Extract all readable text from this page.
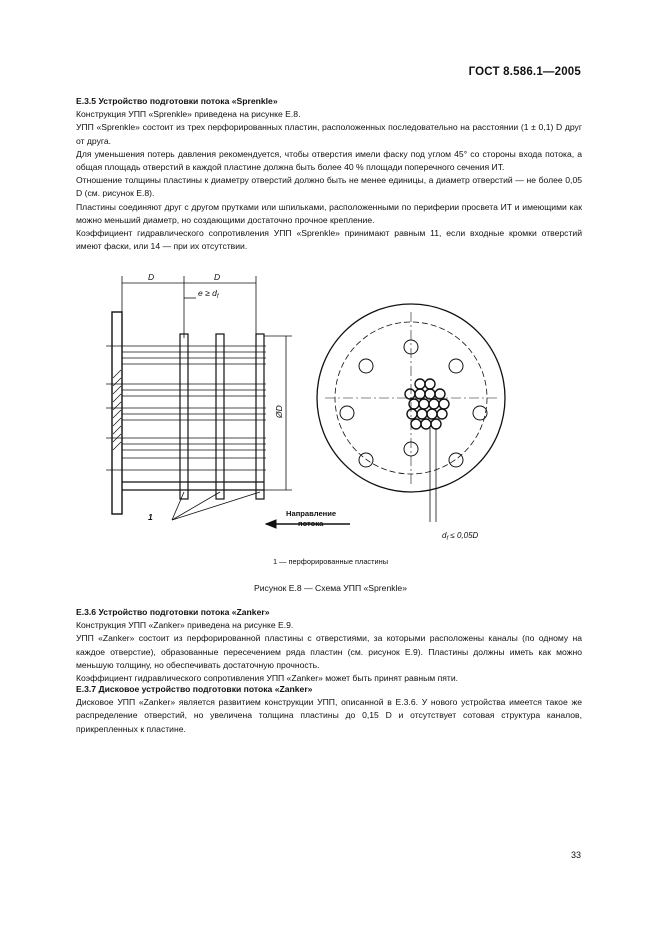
ГОСТ 8.586.1—2005

Е.3.5 Устройство подготовки потока «Sprenkle»

Конструкция УПП «Sprenkle» приведена на рисунке Е.8.

УПП «Sprenkle» состоит из трех перфорированных пластин, расположенных последовательно на расстоянии (1 ± 0,1) D друг от друга.

Для уменьшения потерь давления рекомендуется, чтобы отверстия имели фаску под углом 45° со стороны входа потока, а общая площадь отверстий в каждой пластине должна быть более 40 % площади поперечного сечения ИТ.

Отношение толщины пластины к диаметру отверстий должно быть не менее единицы, а диаметр отверстий — не более 0,05 D (см. рисунок Е.8).

Пластины соединяют друг с другом прутками или шпильками, расположенными по периферии просвета ИТ и имеющими как можно меньший диаметр, но создающими достаточно прочное крепление.

Коэффициент гидравлического сопротивления УПП «Sprenkle» принимают равным 11, если входные кромки отверстий имеют фаски, или 14 — при их отсутствии.

D	D
$e \ge d_f$
ØD
1	Направление
потока
$d_f \le 0,05D$
1 — перфорированные пластины
Рисунок Е.8 — Схема УПП «Sprenkle»

Е.3.6 Устройство подготовки потока «Zanker»

Конструкция УПП «Zanker» приведена на рисунке Е.9.

УПП «Zanker» состоит из перфорированной пластины с отверстиями, за которыми расположены каналы (по одному на каждое отверстие), образованные пересечением ряда пластин (см. рисунок Е.9). Пластины должны иметь как можно меньшую толщину, но обеспечивать достаточную прочность.

Коэффициент гидравлического сопротивления УПП «Zanker» может быть принят равным пяти.

Е.3.7 Дисковое устройство подготовки потока «Zanker»

Дисковое УПП «Zanker» является развитием конструкции УПП, описанной в Е.3.6. У нового устройства имеется такое же распределение отверстий, но увеличена толщина пластины до 0,15 D и отсутствует сотовая структура каналов, прикрепленных к пластине.

33
